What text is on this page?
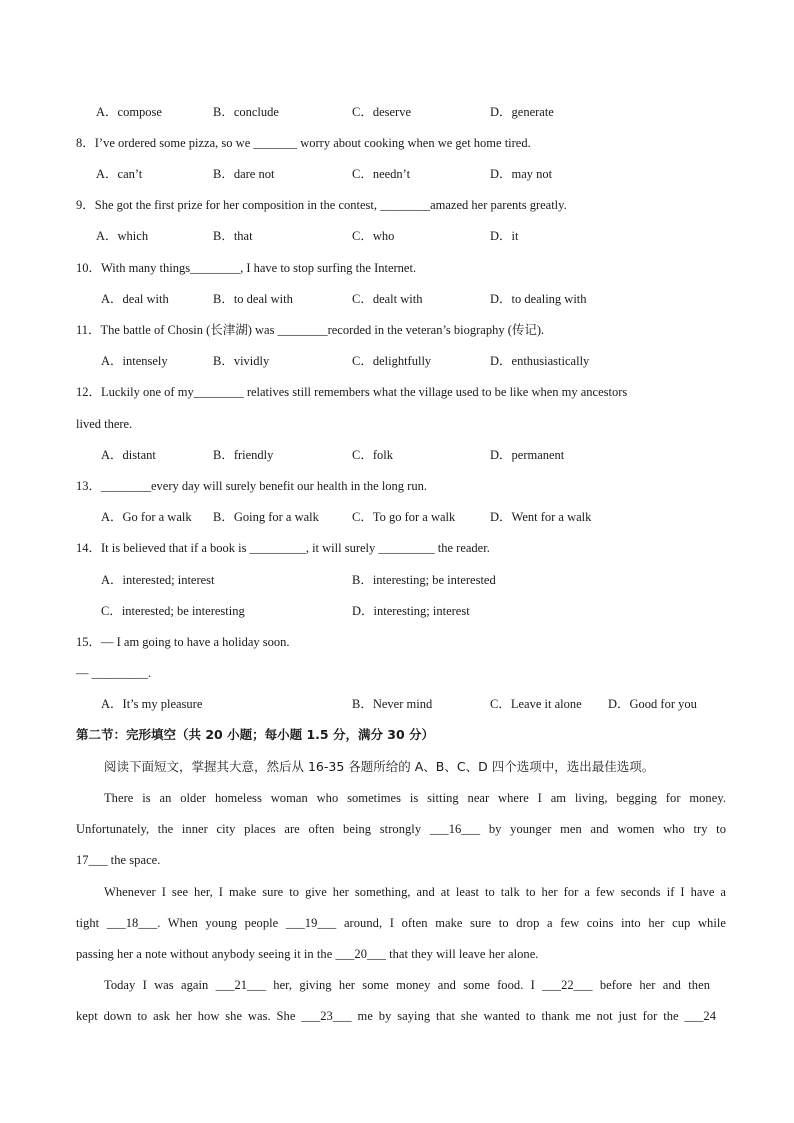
A．compose	B．conclude	C．deserve	D．generate
8．I’ve ordered some pizza, so we _______ worry about cooking when we get home tired.
A．can’t	B．dare not	C．needn’t	D．may not
9．She got the first prize for her composition in the contest, ________amazed her parents greatly.
A．which	B．that	C．who	D．it
10．With many things________, I have to stop surfing the Internet.
A．deal with	B．to deal with	C．dealt with	D．to dealing with
11．The battle of Chosin (长津湖) was ________recorded in the veteran’s biography (传记).
A．intensely	B．vividly	C．delightfully	D．enthusiastically
12．Luckily one of my________ relatives still remembers what the village used to be like when my ancestors
lived there.
A．distant	B．friendly	C．folk	D．permanent
13．________every day will surely benefit our health in the long run.
A．Go for a walk B．Going for a walk	C．To go for a walk	D．Went for a walk
14．It is believed that if a book is _________, it will surely _________ the reader.
A．interested; interest	B．interesting; be interested
C．interested; be interesting	D．interesting; interest
15．— I am going to have a holiday soon.
— _________.
A．It’s my pleasure	B．Never mind	C．Leave it alone D．Good for you
第二节：完形填空（共 20 小题；每小题 1.5 分，满分 30 分）
阅读下面短文，掌握其大意，然后从 16-35 各题所给的 A、B、C、D 四个选项中，选出最佳选项。
There is an older homeless woman who sometimes is sitting near where I am living, begging for money.
Unfortunately, the inner city places are often being strongly ___16___ by younger men and women who try to
17___ the space.
Whenever I see her, I make sure to give her something, and at least to talk to her for a few seconds if I have a
tight ___18___. When young people ___19___ around, I often make sure to drop a few coins into her cup while
passing her a note without anybody seeing it in the ___20___ that they will leave her alone.
Today I was again ___21___ her, giving her some money and some food. I ___22___ before her and then
kept down to ask her how she was. She ___23___ me by saying that she wanted to thank me not just for the ___24
